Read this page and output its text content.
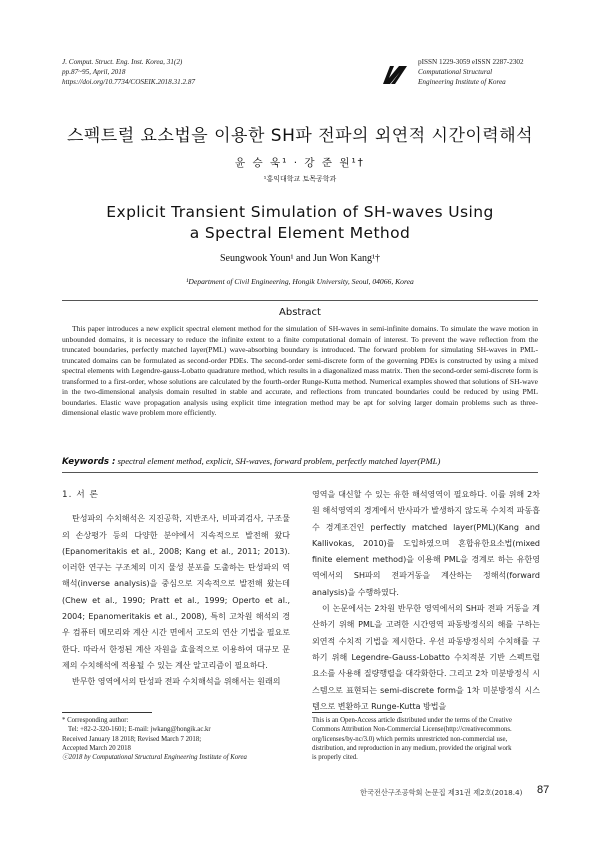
J. Comput. Struct. Eng. Inst. Korea, 31(2)
pp.87~95, April, 2018
https://doi.org/10.7734/COSEIK.2018.31.2.87
pISSN 1229-3059 eISSN 2287-2302
Computational Structural
Engineering Institute of Korea
스펙트럴 요소법을 이용한 SH파 전파의 외연적 시간이력해석
윤 승 욱¹ · 강 준 원¹†
¹홍익대학교 토목공학과
Explicit Transient Simulation of SH-waves Using
a Spectral Element Method
Seungwook Youn¹ and Jun Won Kang¹†
¹Department of Civil Engineering, Hongik University, Seoul, 04066, Korea
Abstract
This paper introduces a new explicit spectral element method for the simulation of SH-waves in semi-infinite domains. To simulate the wave motion in unbounded domains, it is necessary to reduce the infinite extent to a finite computational domain of interest. To prevent the wave reflection from the truncated boundaries, perfectly matched layer(PML) wave-absorbing boundary is introduced. The forward problem for simulating SH-waves in PML-truncated domains can be formulated as second-order PDEs. The second-order semi-discrete form of the governing PDEs is constructed by using a mixed spectral elements with Legendre-gauss-Lobatto quadrature method, which results in a diagonalized mass matrix. Then the second-order semi-discrete form is transformed to a first-order, whose solutions are calculated by the fourth-order Runge-Kutta method. Numerical examples showed that solutions of SH-wave in the two-dimensional analysis domain resulted in stable and accurate, and reflections from truncated boundaries could be reduced by using PML boundaries. Elastic wave propagation analysis using explicit time integration method may be apt for solving larger domain problems such as three-dimensional elastic wave problem more efficiently.
Keywords : spectral element method, explicit, SH-waves, forward problem, perfectly matched layer(PML)
1. 서 론

탄성파의 수치해석은 지진공학, 지반조사, 비파괴검사, 구조물의 손상평가 등의 다양한 분야에서 지속적으로 발전해 왔다(Epanomeritakis et al., 2008; Kang et al., 2011; 2013). 이러한 연구는 구조체의 미지 물성 분포를 도출하는 탄성파의 역해석(inverse analysis)을 중심으로 지속적으로 발전해 왔는데(Chew et al., 1990; Pratt et al., 1999; Operto et al., 2004; Epanomeritakis et al., 2008), 특히 고차원 해석의 경우 컴퓨터 메모리와 계산 시간 면에서 고도의 연산 기법을 필요로 한다. 따라서 한정된 계산 자원을 효율적으로 이용하여 대규모 문제의 수치해석에 적용될 수 있는 계산 알고리즘이 필요하다.

반무한 영역에서의 탄성파 전파 수치해석을 위해서는 원래의

영역을 대신할 수 있는 유한 해석영역이 필요하다. 이를 위해 2차원 해석영역의 경계에서 반사파가 발생하지 않도록 수치적 파동흡수 경계조건인 perfectly matched layer(PML)(Kang and Kallivokas, 2010)를 도입하였으며 혼합유한요소법(mixed finite element method)을 이용해 PML을 경계로 하는 유한영역에서의 SH파의 전파거동을 계산하는 정해석(forward analysis)을 수행하였다.

이 논문에서는 2차원 반무한 영역에서의 SH파 전파 거동을 계산하기 위해 PML을 고려한 시간영역 파동방정식의 해를 구하는 외연적 수치적 기법을 제시한다. 우선 파동방정식의 수치해를 구하기 위해 Legendre-Gauss-Lobatto 수치적분 기반 스펙트럴 요소를 사용해 질량행렬을 대각화한다. 그리고 2차 미분방정식 시스템으로 표현되는 semi-discrete form을 1차 미분방정식 시스템으로 변환하고 Runge-Kutta 방법을

* Corresponding author:
Tel: +82-2-320-1601; E-mail: jwkang@hongik.ac.kr
Received January 18 2018; Revised March 7 2018;
Accepted March 20 2018
ⓒ2018 by Computational Structural Engineering Institute of Korea
This is an Open-Access article distributed under the terms of the Creative
Commons Attribution Non-Commercial License(http://creativecommons.
org/licenses/by-nc/3.0) which permits unrestricted non-commercial use,
distribution, and reproduction in any medium, provided the original work
is properly cited.
한국전산구조공학회 논문집 제31권 제2호(2018.4) 87
